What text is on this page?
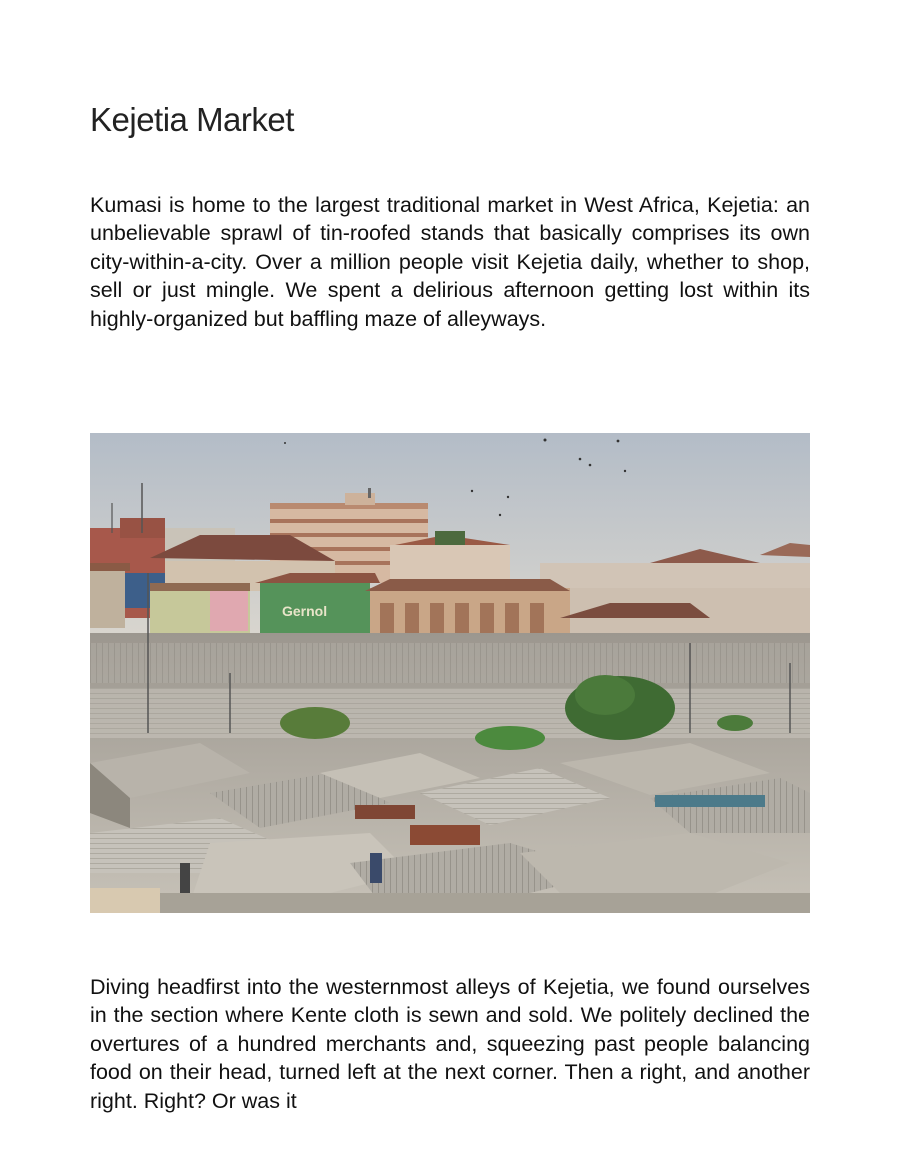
Kejetia Market

Kumasi is home to the largest traditional market in West Africa, Kejetia: an unbelievable sprawl of tin-roofed stands that basically comprises its own city-within-a-city. Over a million people visit Kejetia daily, whether to shop, sell or just mingle. We spent a delirious afternoon getting lost within its highly-organized but baffling maze of alleyways.

Gernol

Diving headfirst into the westernmost alleys of Kejetia, we found ourselves in the section where Kente cloth is sewn and sold. We politely declined the overtures of a hundred merchants and, squeezing past people balancing food on their head, turned left at the next corner. Then a right, and another right. Right? Or was it
